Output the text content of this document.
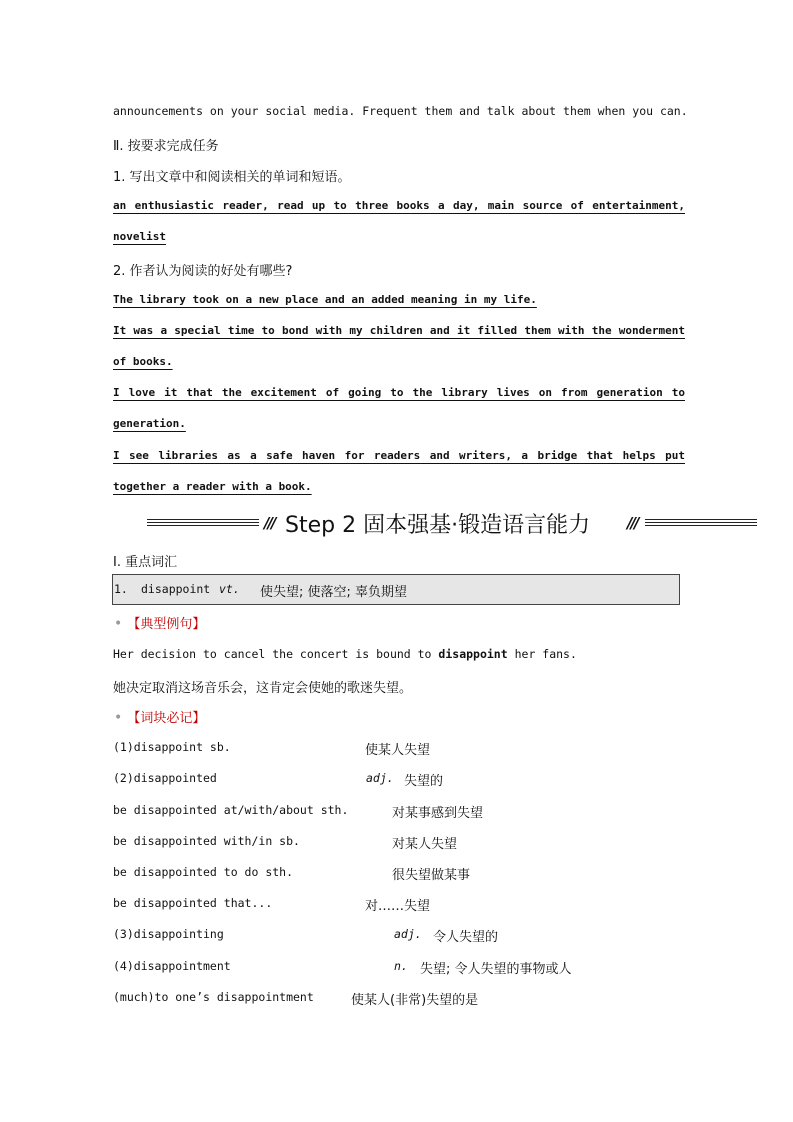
announcements on your social media. Frequent them and talk about them when you can.
Ⅱ. 按要求完成任务
1. 写出文章中和阅读相关的单词和短语。
an enthusiastic reader, read up to three books a day, main source of entertainment, novelist
2. 作者认为阅读的好处有哪些?
The library took on a new place and an added meaning in my life.
It was a special time to bond with my children and it filled them with the wonderment of books.
I love it that the excitement of going to the library lives on from generation to generation.
I see libraries as a safe haven for readers and writers, a bridge that helps put together a reader with a book.
/// Step 2 固本强基·锻造语言能力 ///
Ⅰ. 重点词汇
1. disappoint vt. 使失望; 使落空; 辜负期望
• 【典型例句】
Her decision to cancel the concert is bound to disappoint her fans.
她决定取消这场音乐会，这肯定会使她的歌迷失望。
• 【词块必记】
(1)disappoint sb.	使某人失望
(2)disappointed	adj. 失望的
be disappointed at/with/about sth.	对某事感到失望
be disappointed with/in sb.	对某人失望
be disappointed to do sth.	很失望做某事
be disappointed that...	对……失望
(3)disappointing	adj. 令人失望的
(4)disappointment	n. 失望; 令人失望的事物或人
(much)to one’s disappointment	使某人(非常)失望的是
